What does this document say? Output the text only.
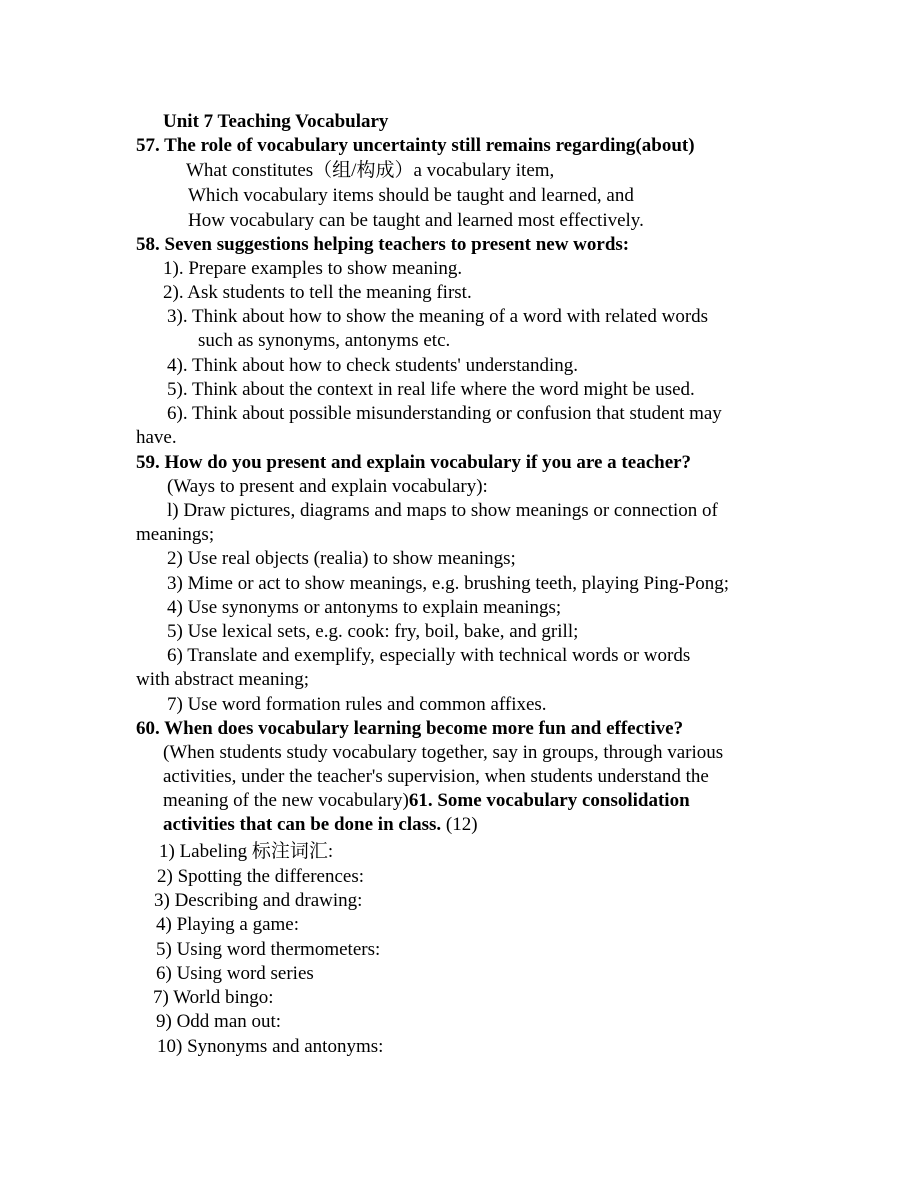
Unit 7 Teaching Vocabulary
57. The role of vocabulary uncertainty still remains regarding(about)
What constitutes（组/构成）a vocabulary item,
Which vocabulary items should be taught and learned, and
How vocabulary can be taught and learned most effectively.
58. Seven suggestions helping teachers to present new words:
1). Prepare examples to show meaning.
2). Ask students to tell the meaning first.
3). Think about how to show the meaning of a word with related words
such as synonyms, antonyms etc.
4). Think about how to check students' understanding.
5). Think about the context in real life where the word might be used.
6). Think about possible misunderstanding or confusion that student may
have.
59. How do you present and explain vocabulary if you are a teacher?
(Ways to present and explain vocabulary):
l) Draw pictures, diagrams and maps to show meanings or connection of
meanings;
2) Use real objects (realia) to show meanings;
3) Mime or act to show meanings, e.g. brushing teeth, playing Ping-Pong;
4) Use synonyms or antonyms to explain meanings;
5) Use lexical sets, e.g. cook: fry, boil, bake, and grill;
6) Translate and exemplify, especially with technical words or words
with abstract meaning;
7) Use word formation rules and common affixes.
60. When does vocabulary learning become more fun and effective?
(When students study vocabulary together, say in groups, through various
activities, under the teacher's supervision, when students understand the
meaning of the new vocabulary)61. Some vocabulary consolidation
activities that can be done in class. (12)
1) Labeling 标注词汇:
2) Spotting the differences:
3) Describing and drawing:
4) Playing a game:
5) Using word thermometers:
6) Using word series
7) World bingo:
9) Odd man out:
10) Synonyms and antonyms:
